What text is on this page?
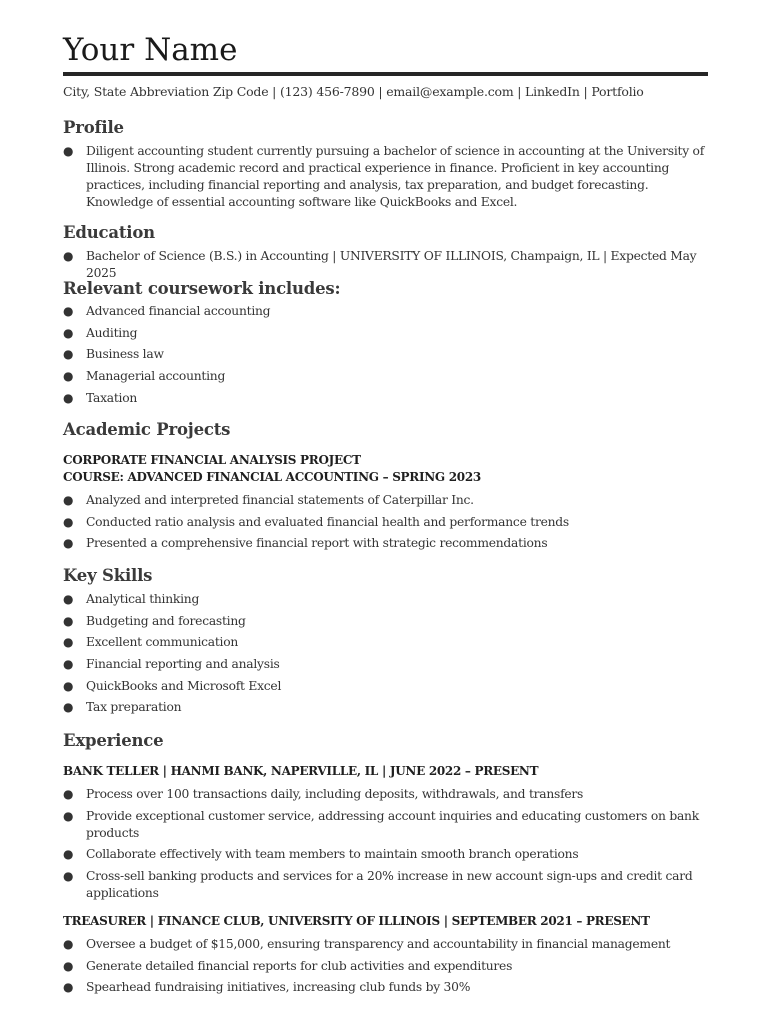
Your Name
City, State Abbreviation Zip Code | (123) 456-7890 | email@example.com | LinkedIn | Portfolio
Profile
● Diligent accounting student currently pursuing a bachelor of science in accounting at the University of Illinois. Strong academic record and practical experience in finance. Proficient in key accounting practices, including financial reporting and analysis, tax preparation, and budget forecasting. Knowledge of essential accounting software like QuickBooks and Excel.
Education
● Bachelor of Science (B.S.) in Accounting | UNIVERSITY OF ILLINOIS, Champaign, IL | Expected May 2025
Relevant coursework includes:
● Advanced financial accounting
● Auditing
● Business law
● Managerial accounting
● Taxation
Academic Projects
CORPORATE FINANCIAL ANALYSIS PROJECT
COURSE: ADVANCED FINANCIAL ACCOUNTING – SPRING 2023
● Analyzed and interpreted financial statements of Caterpillar Inc.
● Conducted ratio analysis and evaluated financial health and performance trends
● Presented a comprehensive financial report with strategic recommendations
Key Skills
● Analytical thinking
● Budgeting and forecasting
● Excellent communication
● Financial reporting and analysis
● QuickBooks and Microsoft Excel
● Tax preparation
Experience
BANK TELLER | HANMI BANK, NAPERVILLE, IL | JUNE 2022 – PRESENT
● Process over 100 transactions daily, including deposits, withdrawals, and transfers
● Provide exceptional customer service, addressing account inquiries and educating customers on bank products
● Collaborate effectively with team members to maintain smooth branch operations
● Cross-sell banking products and services for a 20% increase in new account sign-ups and credit card applications
TREASURER | FINANCE CLUB, UNIVERSITY OF ILLINOIS | SEPTEMBER 2021 – PRESENT
● Oversee a budget of $15,000, ensuring transparency and accountability in financial management
● Generate detailed financial reports for club activities and expenditures
● Spearhead fundraising initiatives, increasing club funds by 30%
